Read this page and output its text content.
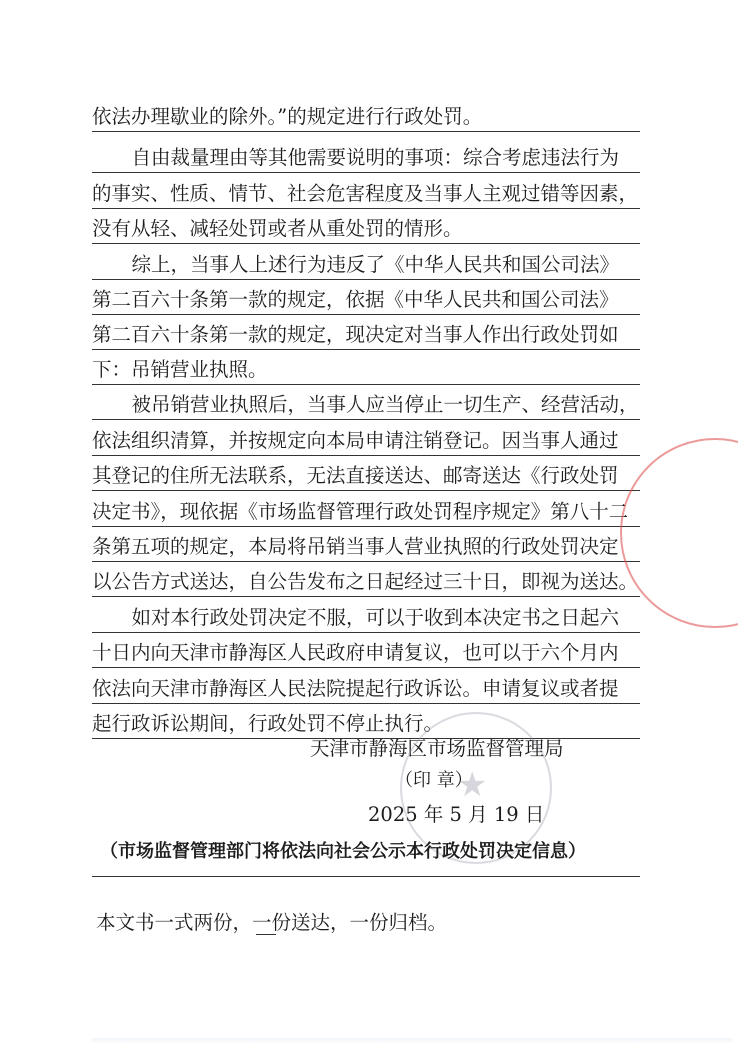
依法办理歇业的除外。”的规定进行行政处罚。
　自由裁量理由等其他需要说明的事项：综合考虑违法行为
的事实、性质、情节、社会危害程度及当事人主观过错等因素，
没有从轻、减轻处罚或者从重处罚的情形。
　综上，当事人上述行为违反了《中华人民共和国公司法》
第二百六十条第一款的规定，依据《中华人民共和国公司法》
第二百六十条第一款的规定，现决定对当事人作出行政处罚如
下：吊销营业执照。
　被吊销营业执照后，当事人应当停止一切生产、经营活动，
依法组织清算，并按规定向本局申请注销登记。因当事人通过
其登记的住所无法联系，无法直接送达、邮寄送达《行政处罚
决定书》，现依据《市场监督管理行政处罚程序规定》第八十二
条第五项的规定，本局将吊销当事人营业执照的行政处罚决定
以公告方式送达，自公告发布之日起经过三十日，即视为送达。
　如对本行政处罚决定不服，可以于收到本决定书之日起六
十日内向天津市静海区人民政府申请复议，也可以于六个月内
依法向天津市静海区人民法院提起行政诉讼。申请复议或者提
起行政诉讼期间，行政处罚不停止执行。
天津市静海区市场监督管理局
（印 章）
2025 年 5 月 19 日
★
（市场监督管理部门将依法向社会公示本行政处罚决定信息）
本文书一式两份，一份送达，一份归档。
